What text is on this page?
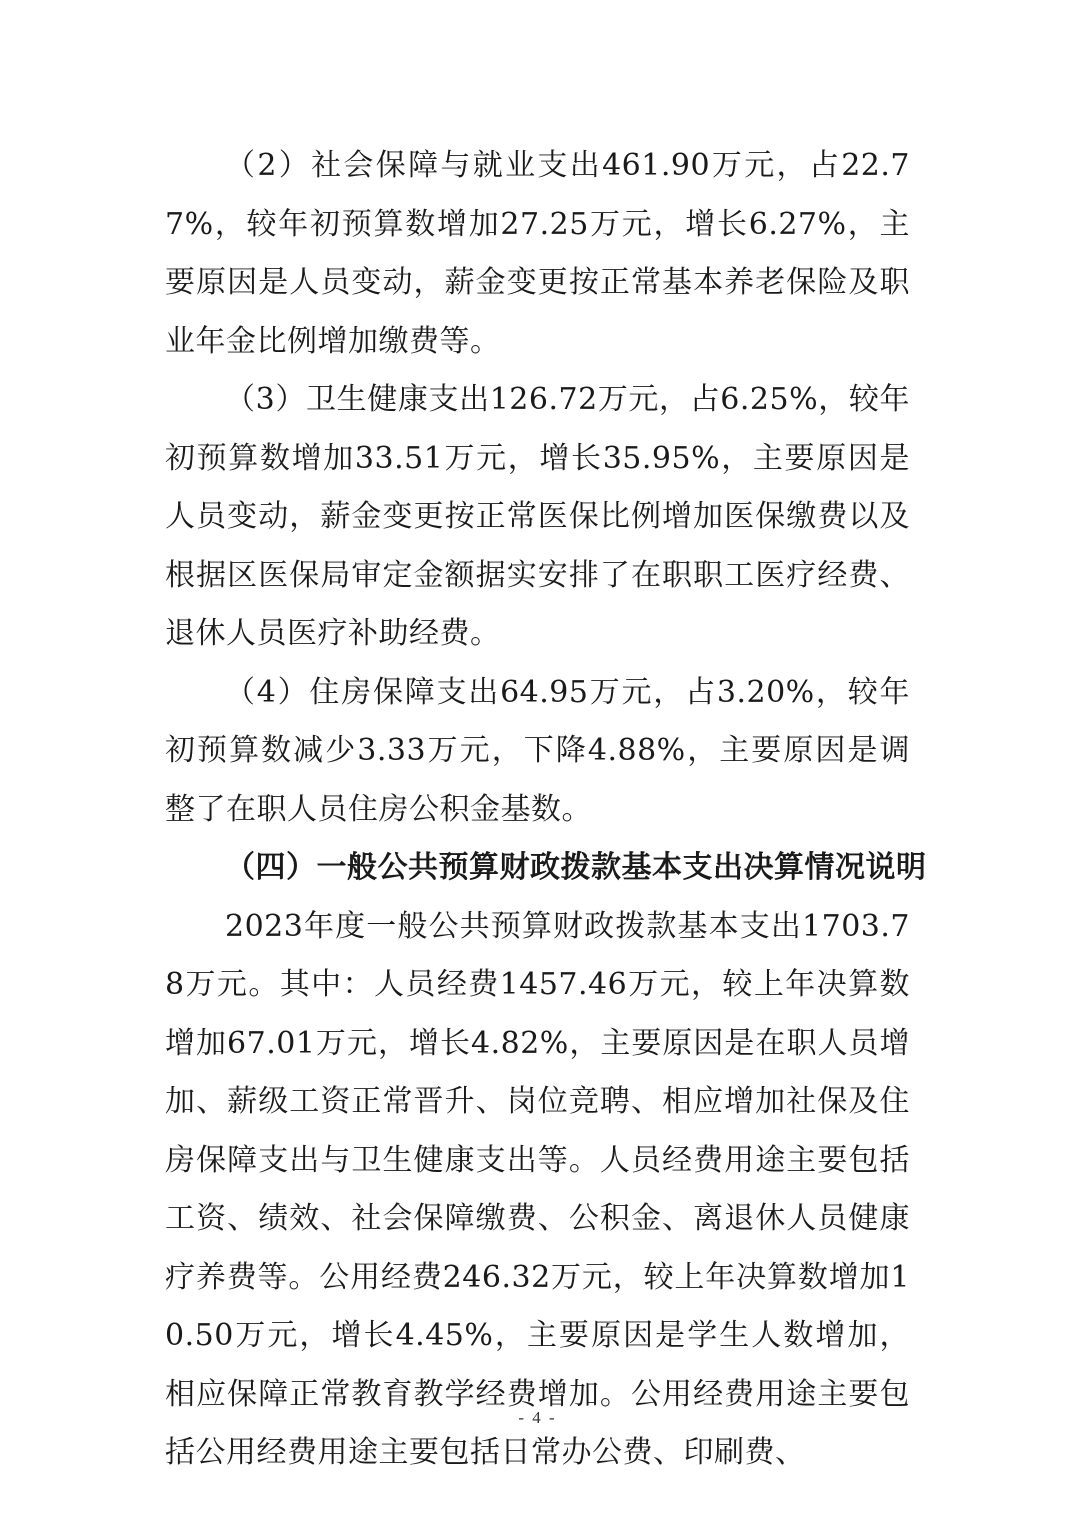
（2）社会保障与就业支出461.90万元，占22.77%，较年初预算数增加27.25万元，增长6.27%，主要原因是人员变动，薪金变更按正常基本养老保险及职业年金比例增加缴费等。

（3）卫生健康支出126.72万元，占6.25%，较年初预算数增加33.51万元，增长35.95%，主要原因是人员变动，薪金变更按正常医保比例增加医保缴费以及根据区医保局审定金额据实安排了在职职工医疗经费、退休人员医疗补助经费。

（4）住房保障支出64.95万元，占3.20%，较年初预算数减少3.33万元，下降4.88%，主要原因是调整了在职人员住房公积金基数。

（四）一般公共预算财政拨款基本支出决算情况说明

2023年度一般公共预算财政拨款基本支出1703.78万元。其中：人员经费1457.46万元，较上年决算数增加67.01万元，增长4.82%，主要原因是在职人员增加、薪级工资正常晋升、岗位竞聘、相应增加社保及住房保障支出与卫生健康支出等。人员经费用途主要包括工资、绩效、社会保障缴费、公积金、离退休人员健康疗养费等。公用经费246.32万元，较上年决算数增加10.50万元，增长4.45%，主要原因是学生人数增加，相应保障正常教育教学经费增加。公用经费用途主要包括公用经费用途主要包括日常办公费、印刷费、

- 4 -
